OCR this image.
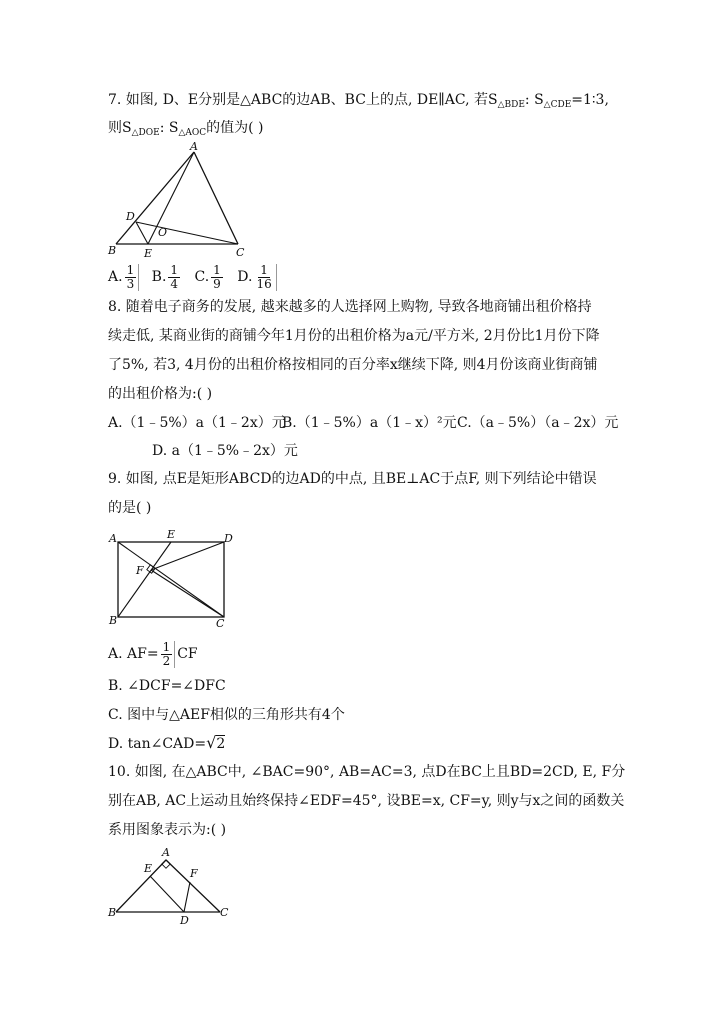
7. 如图, D、E分别是△ABC的边AB、BC上的点, DE∥AC, 若$S_{\triangle BDE}$: $S_{\triangle CDE}=1∶3$,
则$S_{\triangle DOE}$: $S_{\triangle AOC}$的值为( )
A
D
O
B	E	C
A. $\frac{1}{3} B$. $\frac{1}{4} C$. $\frac{1}{9} D$. $\frac{1}{16}$
8. 随着电子商务的发展, 越来越多的人选择网上购物, 导致各地商铺出租价格持
续走低, 某商业街的商铺今年1月份的出租价格为a元/平方米, 2月份比1月份下降
了5%, 若3, 4月份的出租价格按相同的百分率x继续下降, 则4月份该商业街商铺
的出租价格为:( )
A.（1﹣5%）a（1﹣2x）元
B.（1﹣5%）a（1﹣x）²元 C.（a﹣5%）（a﹣2x）元
D. a（1﹣5%﹣2x）元
9. 如图, 点E是矩形ABCD的边AD的中点, 且BE⊥AC于点F, 则下列结论中错误
的是( )
A	E	D
F
B	C
A. $AF= \frac{1}{2}$ CF
B. ∠DCF=∠DFC
C. 图中与△AEF相似的三角形共有4个
D. tan∠CAD=√2
10. 如图, 在△ABC中, ∠BAC=90°, AB=AC=3, 点D在BC上且BD=2CD, E, F分
别在AB, AC上运动且始终保持∠EDF=45°, 设BE=x, CF=y, 则y与x之间的函数关
系用图象表示为:( )
A
E	F
B
D
C
